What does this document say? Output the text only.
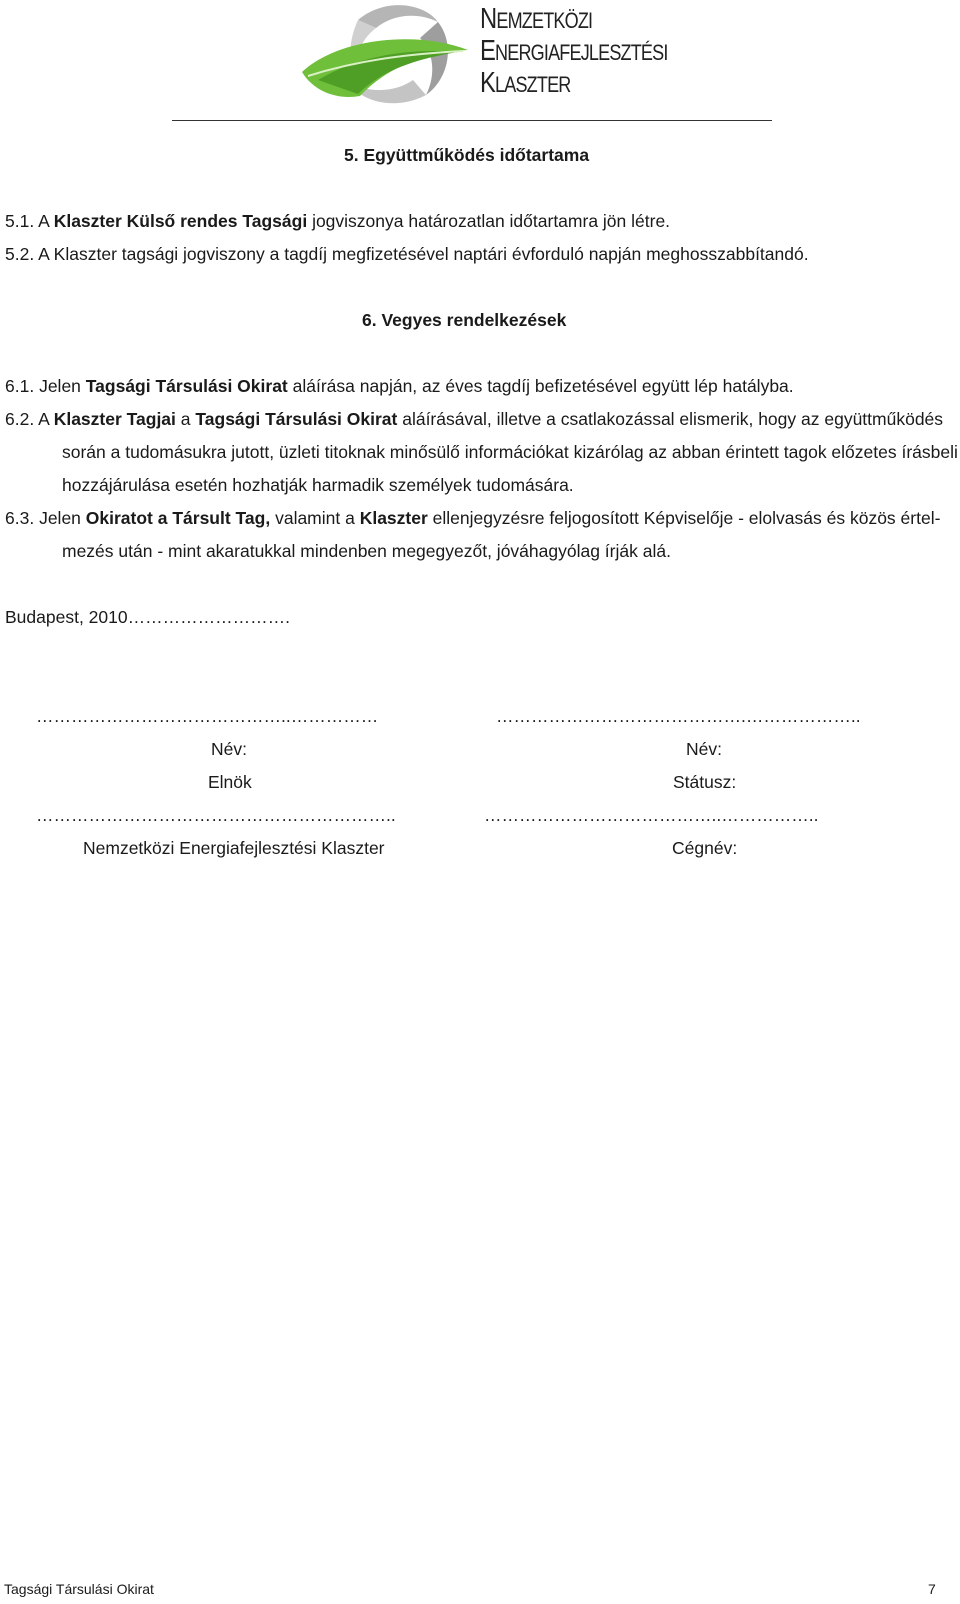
NEMZETKÖZI
ENERGIAFEJLESZTÉSI
KLASZTER
5. Együttműködés időtartama
5.1. A Klaszter Külső rendes Tagsági jogviszonya határozatlan időtartamra jön létre.
5.2. A Klaszter tagsági jogviszony a tagdíj megfizetésével naptári évforduló napján meghosszabbítandó.
6. Vegyes rendelkezések
6.1. Jelen Tagsági Társulási Okirat aláírása napján, az éves tagdíj befizetésével együtt lép hatályba.
6.2. A Klaszter Tagjai a Tagsági Társulási Okirat aláírásával, illetve a csatlakozással elismerik, hogy az együttműködés
során a tudomásukra jutott, üzleti titoknak minősülő információkat kizárólag az abban érintett tagok előzetes írásbeli
hozzájárulása esetén hozhatják harmadik személyek tudomására.
6.3. Jelen Okiratot a Társult Tag, valamint a Klaszter ellenjegyzésre feljogosított Képviselője - elolvasás és közös értel-
mezés után - mint akaratukkal mindenben megegyezőt, jóváhagyólag írják alá.
Budapest, 2010……………………….
……………………………………..……………
Név:
Elnök
……………………………………………………..
Nemzetközi Energiafejlesztési Klaszter
…………………………………….………………..
Név:
Státusz:
…………………………………..……………..
Cégnév:
Tagsági Társulási Okirat	7
